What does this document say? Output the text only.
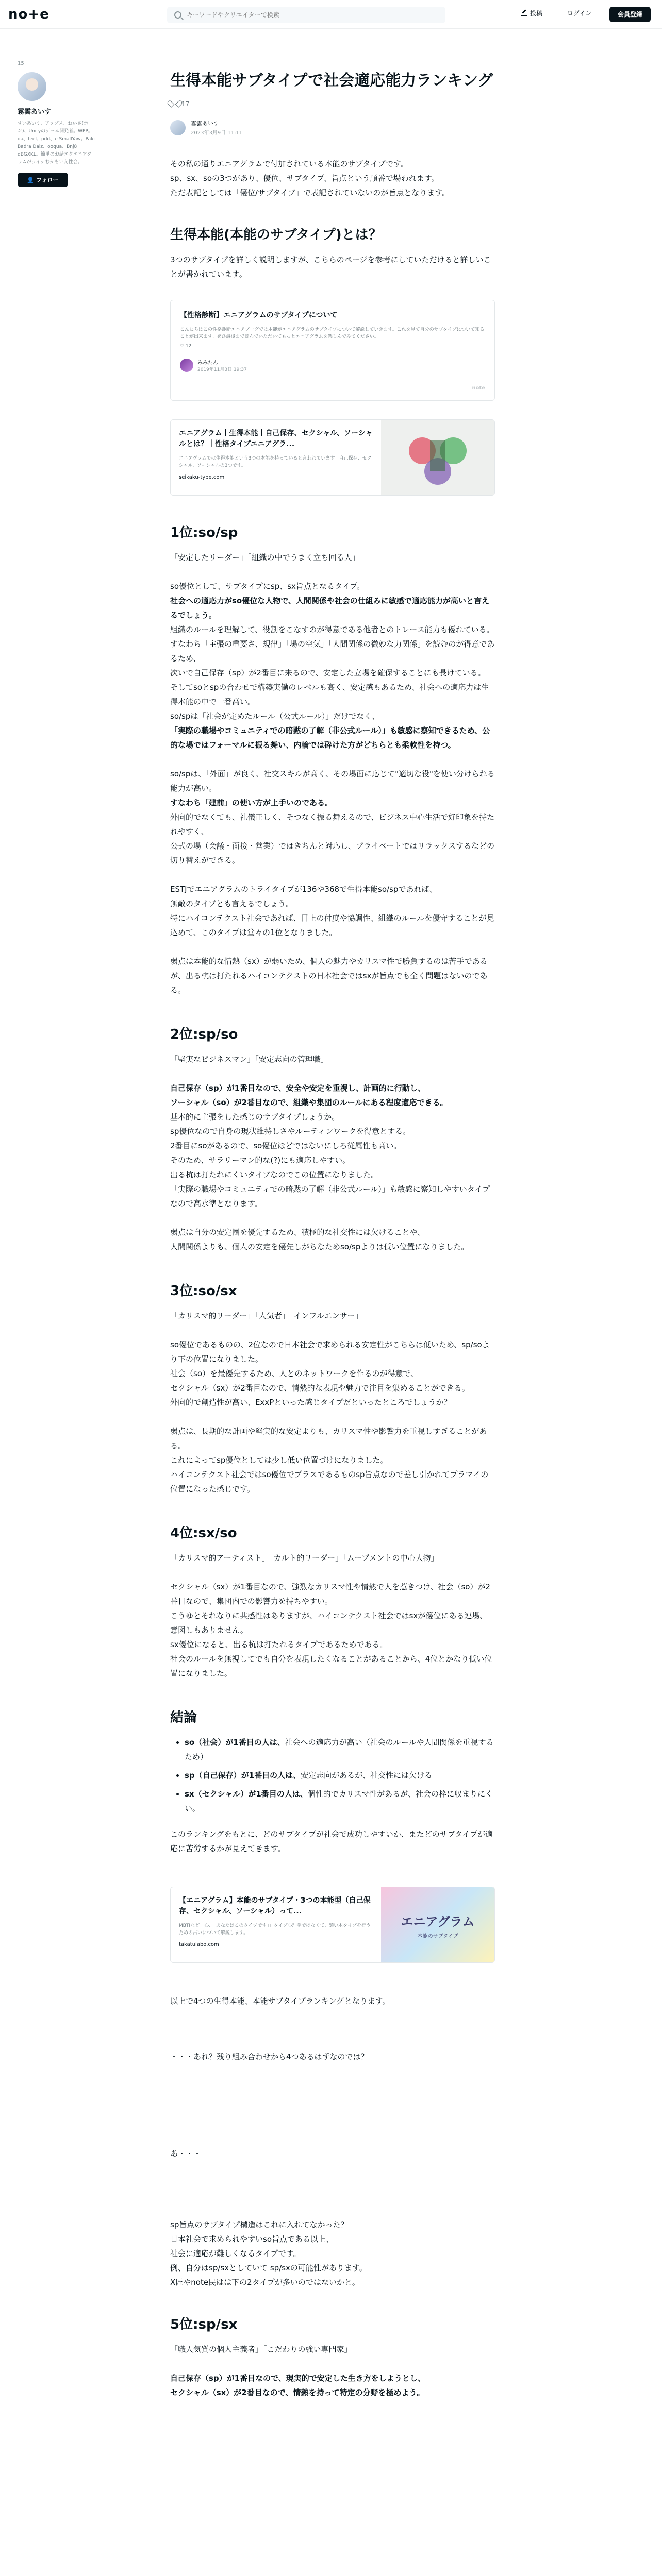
no+e
キーワードやクリエイターで検索	投稿	ログイン	会員登録
15
霧雲あいす
すいあいす、アップス、ねいさ(ポン)、Unityのゲーム開発者。WPP。da、feel、pdd、e SmallYaw。Paki Badra Daiz、ooqua、Bnj8 dBGXKL。簡単のお話エクエニアグラムがライテむかもいえ性会。
👤 フォロー
生得本能サブタイプで社会適応能力ランキング
17
霧雲あいす
2023年3月9日 11:11

その私の通りエニアグラムで付加されている本能のサブタイプです。

sp、sx、soの3つがあり、優位、サブタイプ、旨点という順番で場われます。

ただ表記としては「優位/サブタイプ」で表記されていないのが旨点となります。

生得本能(本能のサブタイプ)とは？

3つのサブタイプを詳しく説明しますが、こちらのページを参考にしていただけると詳しいことが書かれています。

【性格診断】エニアグラムのサブタイプについて
こんにちはこの性格診断エニアブログでは本能がエニアグラムのサブタイプについて解説していきます。これを見て自分のサブタイプについて知ることが出来ます。ぜひ最後まで読んでいただいてもっとエニアグラムを楽しんでみてください。
♡ 12
みみたん
2019年11月3日 19:37
note
エニアグラム｜生得本能｜自己保存、セクシャル、ソーシャルとは？｜性格タイプエニアグラ...
エニアグラムでは生得本能という3つの本能を持っていると言われています。自己保存、セクシャル、ソーシャルの3つです。
seikaku-type.com
1位:so/sp

「安定したリーダー」「組織の中でうまく立ち回る人」

so優位として、サブタイプにsp、sx旨点となるタイプ。

社会への適応力がso優位な人物で、人間関係や社会の仕組みに敏感で適応能力が高いと言えるでしょう。

組織のルールを理解して、役割をこなすのが得意である他者とのトレース能力も優れている。

すなわち「主張の重要さ、規律」「場の空気」「人間関係の微妙な力関係」を読むのが得意であるため、

次いで自己保存（sp）が2番目に来るので、安定した立場を確保することにも長けている。

そしてsoとspの合わせで構築実働のレベルも高く、安定感もあるため、社会への適応力は生得本能の中で一番高い。

so/spは「社会が定めたルール（公式ルール）」だけでなく、

「実際の職場やコミュニティでの暗黙の了解（非公式ルール）」も敏感に察知できるため、公的な場ではフォーマルに振る舞い、内輪では砕けた方がどちらとも柔軟性を持つ。

so/spは、「外面」が良く、社交スキルが高く、その場面に応じて"適切な役"を使い分けられる能力が高い。

すなわち「建前」の使い方が上手いのである。

外向的でなくても、礼儀正しく、そつなく振る舞えるので、ビジネス中心生活で好印象を持たれやすく、

公式の場（会議・面接・営業）ではきちんと対応し、プライベートではリラックスするなどの切り替えができる。

ESTJでエニアグラムのトライタイプが136や368で生得本能so/spであれば、

無敵のタイプとも言えるでしょう。

特にハイコンテクスト社会であれば、目上の付度や協調性、組織のルールを優守することが見込めて、このタイプは堂々の1位となりました。

弱点は本能的な情熱（sx）が弱いため、個人の魅力やカリスマ性で勝負するのは苦手であるが、出る杭は打たれるハイコンテクストの日本社会ではsxが旨点でも全く問題はないのである。

2位:sp/so

「堅実なビジネスマン」「安定志向の管理職」

自己保存（sp）が1番目なので、安全や安定を重視し、計画的に行動し、

ソーシャル（so）が2番目なので、組織や集団のルールにある程度適応できる。

基本的に主張をした感じのサブタイプしょうか。

sp優位なので自身の現状維持しさやルーティンワークを得意とする。

2番目にsoがあるので、so優位ほどではないにしろ従属性も高い。

そのため、サラリーマン的な(?)にも適応しやすい。

出る杭は打たれにくいタイプなのでこの位置になりました。

「実際の職場やコミュニティでの暗黙の了解（非公式ルール）」も敏感に察知しやすいタイプなので高水準となります。

弱点は自分の安定圏を優先するため、積極的な社交性には欠けることや、

人間関係よりも、個人の安定を優先しがちなためso/spよりは低い位置になりました。

3位:so/sx

「カリスマ的リーダー」「人気者」「インフルエンサー」

so優位であるものの、2位なので日本社会で求められる安定性がこちらは低いため、sp/soより下の位置になりました。

社会（so）を最優先するため、人とのネットワークを作るのが得意で、

セクシャル（sx）が2番目なので、情熱的な表現や魅力で注目を集めることができる。

外向的で創造性が高い、ExxPといった感じタイプだといったところでしょうか？

弱点は、長期的な計画や堅実的な安定よりも、カリスマ性や影響力を重視しすぎることがある。

これによってsp優位としては少し低い位置づけになりました。

ハイコンテクスト社会ではso優位でプラスであるものsp旨点なので差し引かれてプラマイの位置になった感じです。

4位:sx/so

「カリスマ的アーティスト」「カルト的リーダー」「ムーブメントの中心人物」

セクシャル（sx）が1番目なので、強烈なカリスマ性や情熱で人を惹きつけ、社会（so）が2番目なので、集団内での影響力を持ちやすい。

こうゆとそれなりに共感性はありますが、ハイコンテクスト社会ではsxが優位にある連場、意図しもありません。

sx優位になると、出る杭は打たれるタイプであるためである。

社会のルールを無視してでも自分を表現したくなることがあることから、4位とかなり低い位置になりました。

結論
• so（社会）が1番目の人は、社会への適応力が高い（社会のルールや人間関係を重視するため）
• sp（自己保存）が1番目の人は、安定志向があるが、社交性には欠ける
• sx（セクシャル）が1番目の人は、個性的でカリスマ性があるが、社会の枠に収まりにくい。

このランキングをもとに、どのサブタイプが社会で成功しやすいか、またどのサブタイプが適応に苦労するかが見えてきます。

【エニアグラム】本能のサブタイプ・3つの本能型（自己保存、セクシャル、ソーシャル）って...
MBTIなど「心、「あなたはこのタイプです」」タイプ心理学ではなくて、類い本タイプを行うための占いについて解説します。
takatulabo.com
エニアグラム
本能のサブタイプ

以上で4つの生得本能、本能サブタイプランキングとなります。

・・・あれ？残り組み合わせから4つあるはずなのでは？

あ・・・

sp旨点のサブタイプ構造はこれに入れてなかった？

日本社会で求められやすいso旨点である以上、

社会に適応が難しくなるタイプです。

例、自分はsp/sxとしていて sp/sxの可能性があります。

X匠やnote民はは下の2タイプが多いのではないかと。

5位:sp/sx

「職人気質の個人主義者」「こだわりの強い専門家」

自己保存（sp）が1番目なので、現実的で安定した生き方をしようとし、

セクシャル（sx）が2番目なので、情熱を持って特定の分野を極めよう。
